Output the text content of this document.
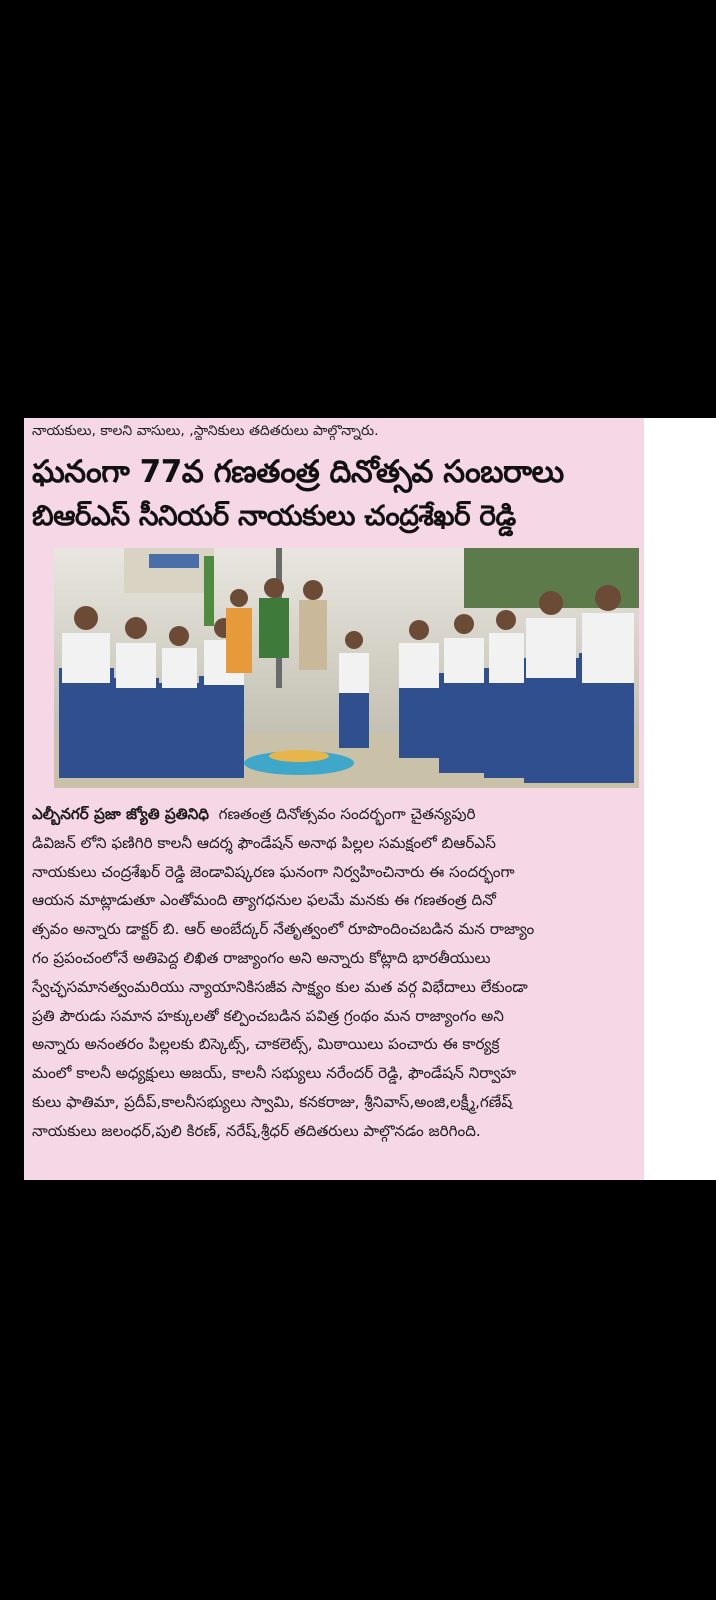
నాయకులు, కాలని వాసులు, ,స్థానికులు తదితరులు పాల్గొన్నారు.
ఘనంగా 77వ గణతంత్ర దినోత్సవ సంబరాలు
బిఆర్ఎస్ సీనియర్ నాయకులు చంద్రశేఖర్ రెడ్డి
ఎల్బీనగర్ ప్రజా జ్యోతి ప్రతినిధి గణతంత్ర దినోత్సవం సందర్భంగా చైతన్యపురి
డివిజన్ లోని ఫణిగిరి కాలనీ ఆదర్శ ఫౌండేషన్ అనాథ పిల్లల సమక్షంలో బిఆర్ఎస్
నాయకులు చంద్రశేఖర్ రెడ్డి జెండావిష్కరణ ఘనంగా నిర్వహించినారు ఈ సందర్భంగా
ఆయన మాట్లాడుతూ ఎంతోమంది త్యాగధనుల ఫలమే మనకు ఈ గణతంత్ర దినో
త్సవం అన్నారు డాక్టర్ బి. ఆర్ అంబేద్కర్ నేతృత్వంలో రూపొందించబడిన మన రాజ్యాం
గం ప్రపంచంలోనే అతిపెద్ద లిఖిత రాజ్యాంగం అని అన్నారు కోట్లాది భారతీయులు
స్వేచ్ఛసమానత్వంమరియు న్యాయానికిసజీవ సాక్ష్యం కుల మత వర్గ విభేదాలు లేకుండా
ప్రతి పౌరుడు సమాన హక్కులతో కల్పించబడిన పవిత్ర గ్రంథం మన రాజ్యాంగం అని
అన్నారు అనంతరం పిల్లలకు బిస్కెట్స్, చాకలెట్స్, మిఠాయిలు పంచారు ఈ కార్యక్ర
మంలో కాలనీ అధ్యక్షులు అజయ్, కాలనీ సభ్యులు నరేందర్ రెడ్డి, ఫౌండేషన్ నిర్వాహ
కులు ఫాతిమా, ప్రదీప్,కాలనీసభ్యులు స్వామి, కనకరాజు, శ్రీనివాస్,అంజి,లక్ష్మీ,గణేష్
నాయకులు జలంధర్,పులి కిరణ్, నరేష్,శ్రీధర్ తదితరులు పాల్గొనడం జరిగింది.
